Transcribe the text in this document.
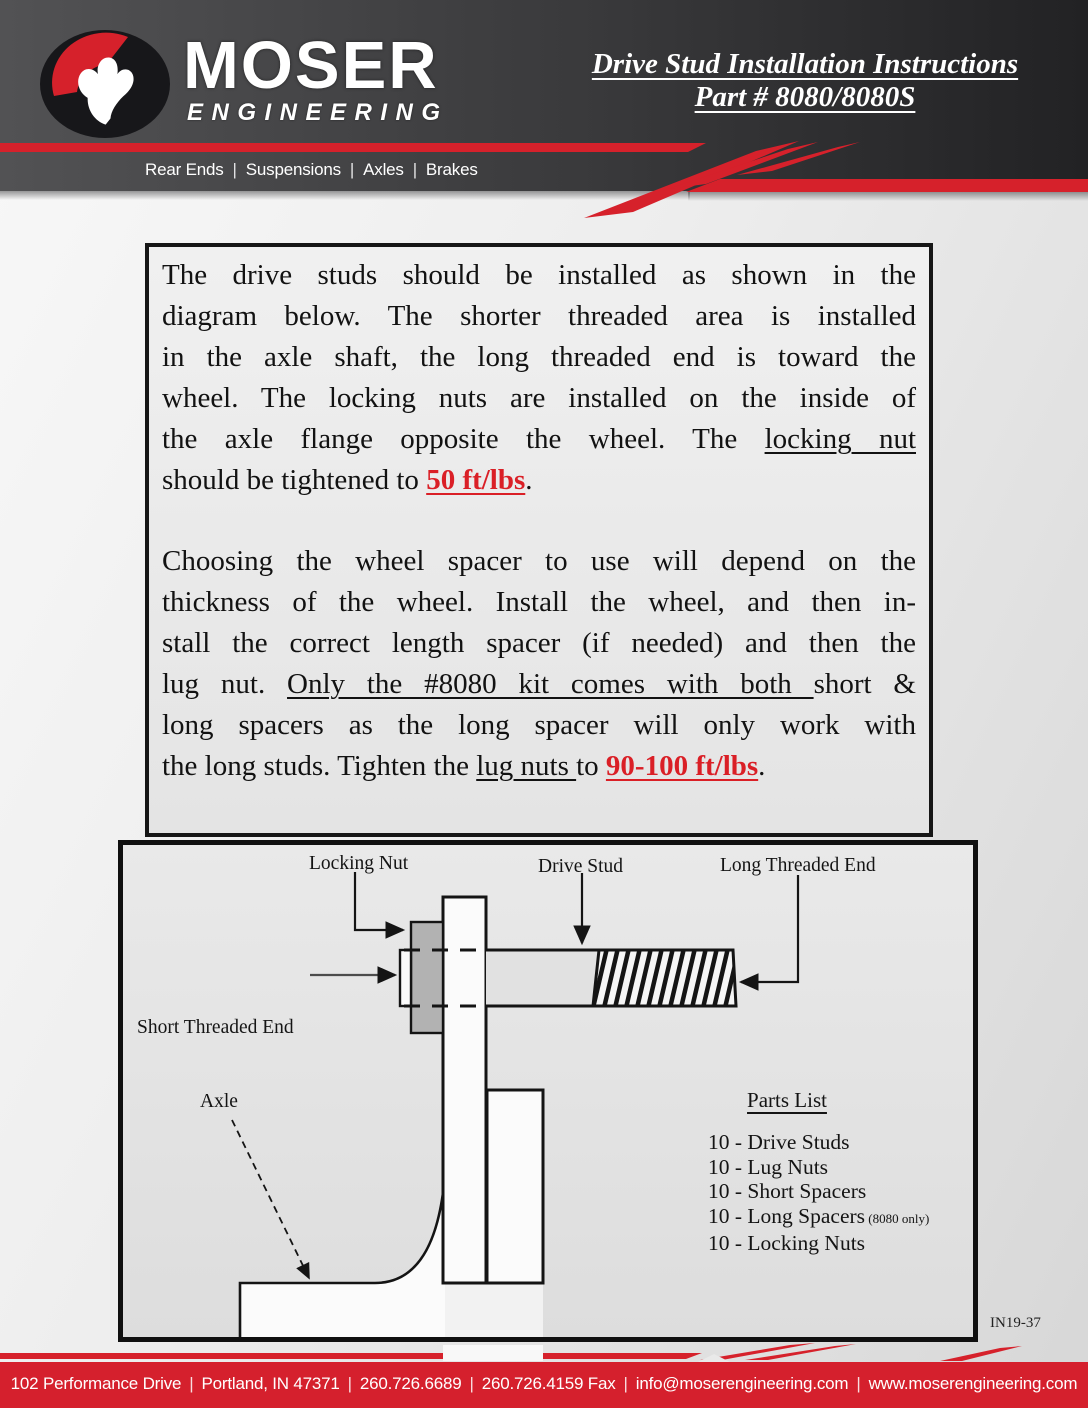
MOSER
ENGINEERING
Drive Stud Installation Instructions
Part # 8080/8080S
Rear Ends | Suspensions | Axles | Brakes
The drive studs should be installed as shown in the
diagram below. The shorter threaded area is installed
in the axle shaft, the long threaded end is toward the
wheel. The locking nuts are installed on the inside of
the axle flange opposite the wheel. The locking nut
should be tightened to 50 ft/lbs.
Choosing the wheel spacer to use will depend on the
thickness of the wheel. Install the wheel, and then in-
stall the correct length spacer (if needed) and then the
lug nut. Only the #8080 kit comes with both short &
long spacers as the long spacer will only work with
the long studs. Tighten the lug nuts to 90-100 ft/lbs.
Locking Nut	Drive Stud	Long Threaded End
Short Threaded End
Axle	Parts List
10 - Drive Studs
10 - Lug Nuts
10 - Short Spacers
10 - Long Spacers (8080 only)
10 - Locking Nuts
IN19-37
102 Performance Drive | Portland, IN 47371 | 260.726.6689 | 260.726.4159 Fax | info@moserengineering.com | www.moserengineering.com
